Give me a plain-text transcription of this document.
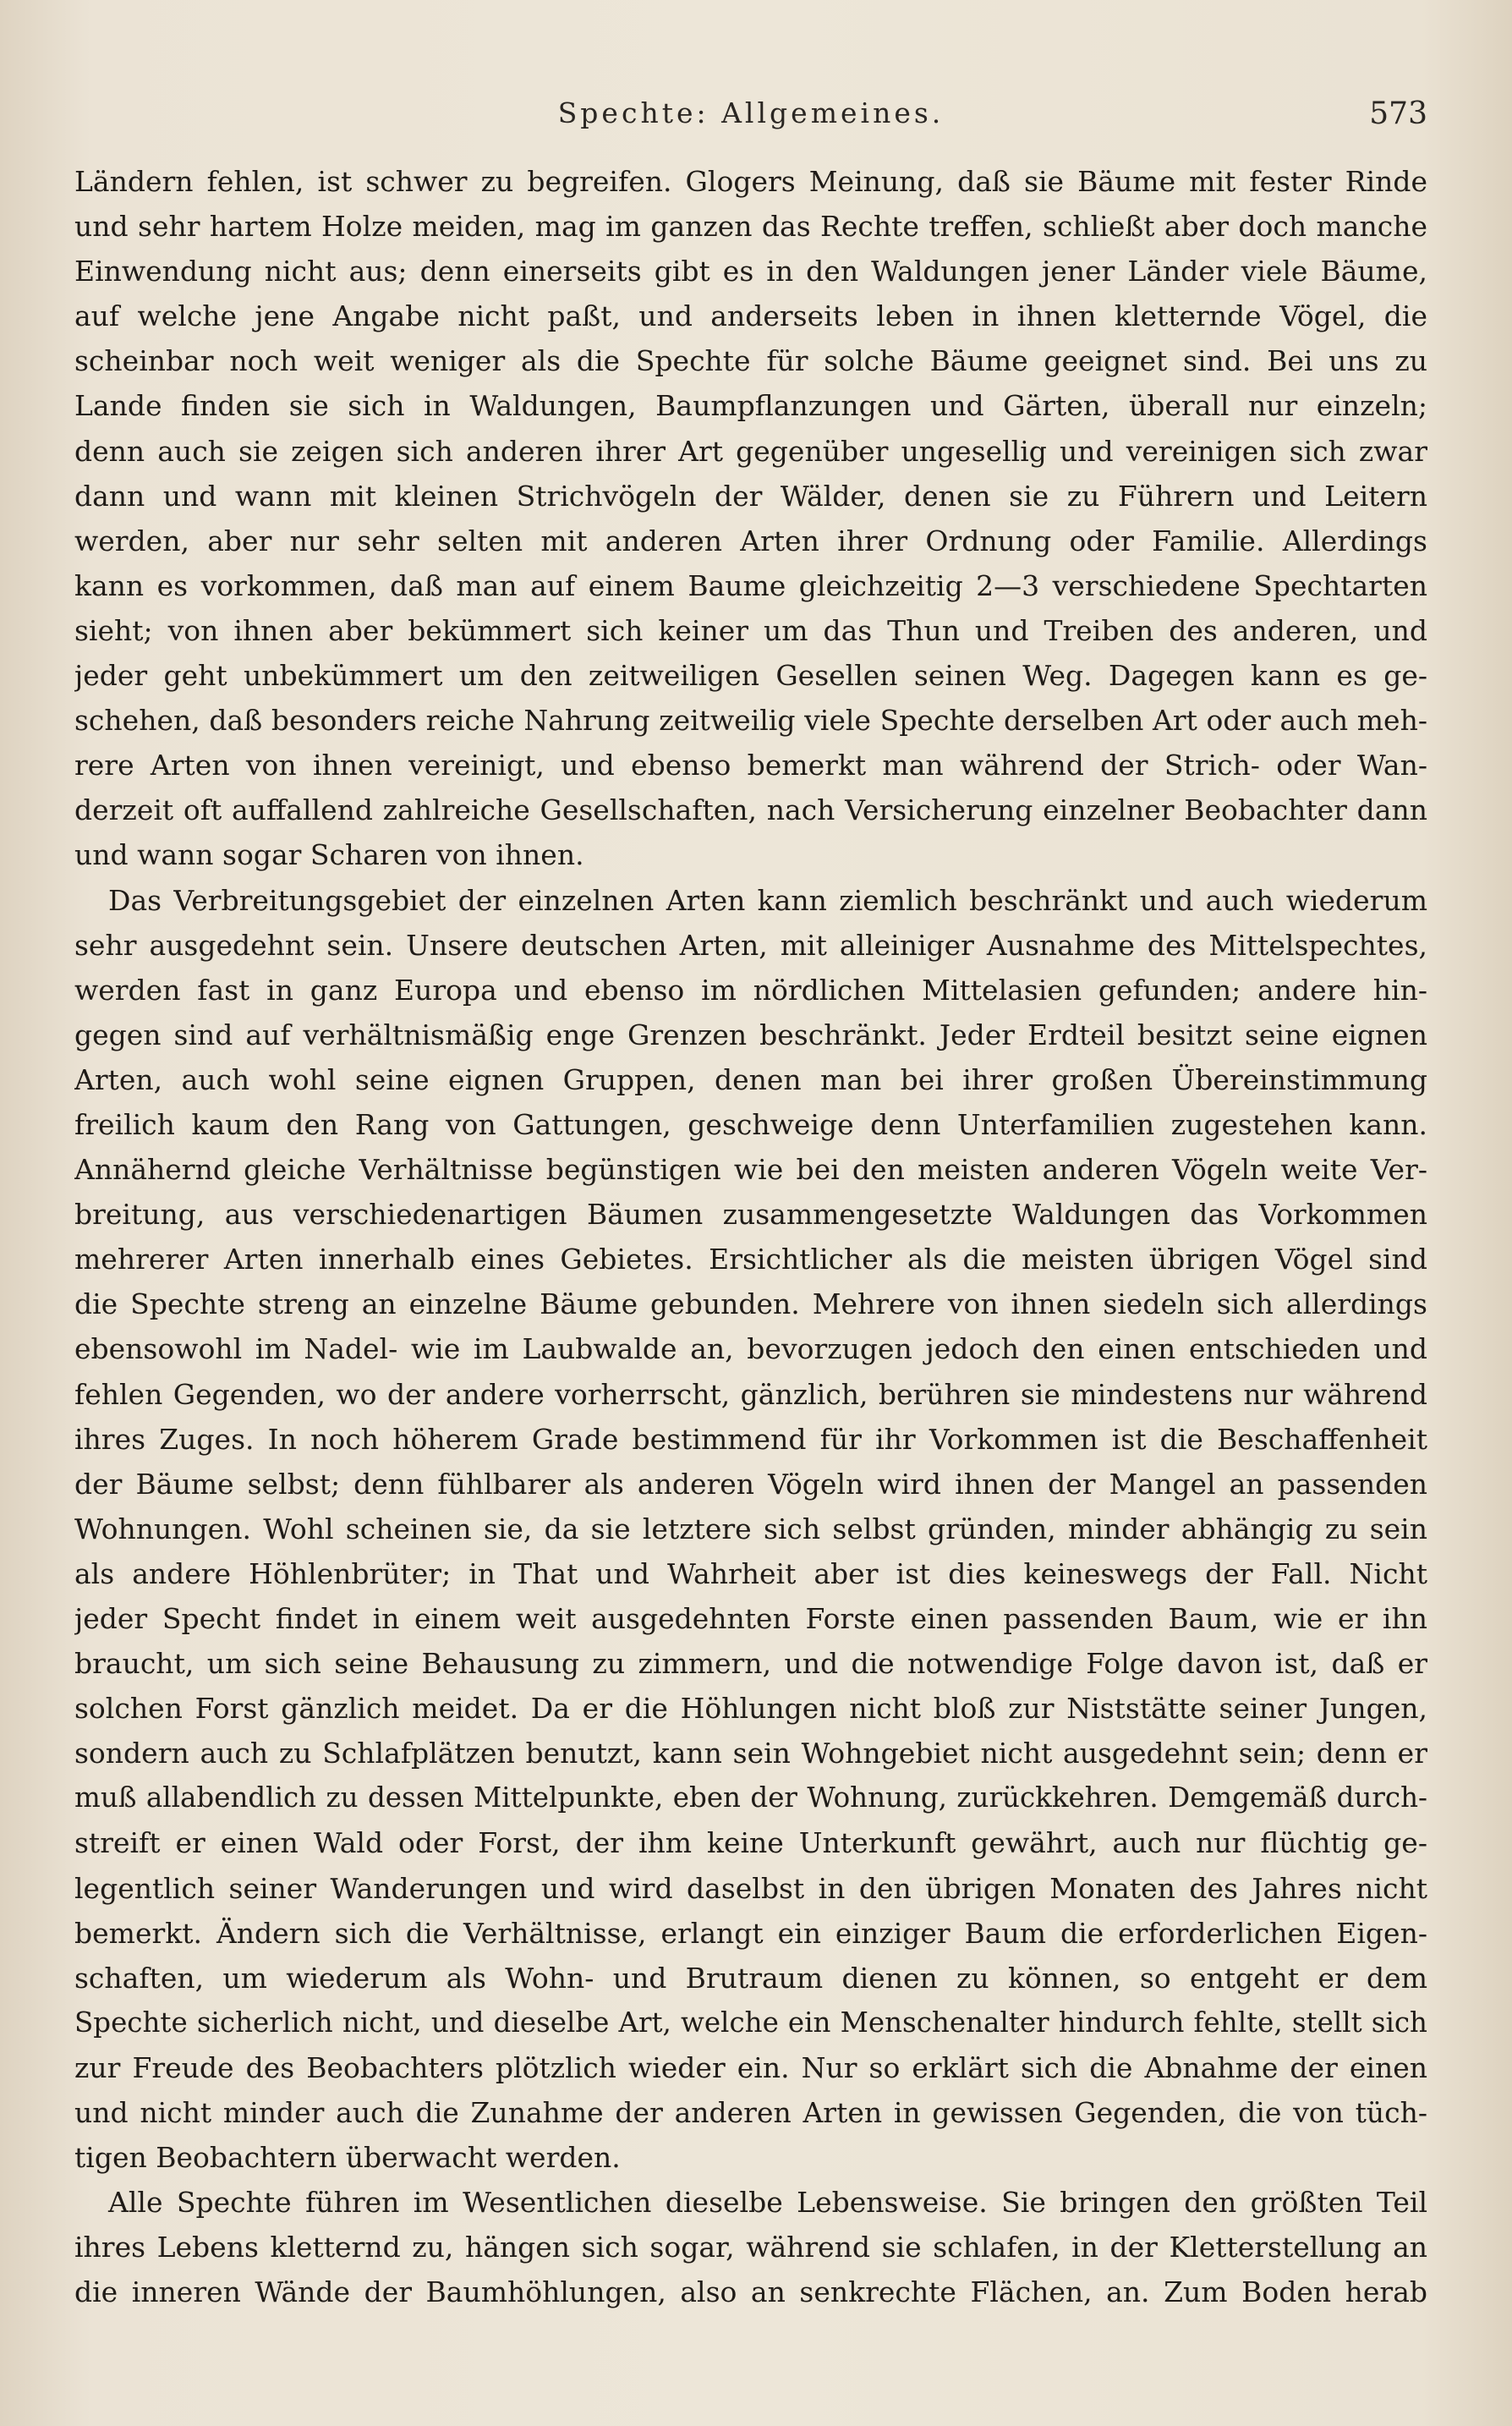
Spechte: Allgemeines.	573
Ländern fehlen, ist schwer zu begreifen. Glogers Meinung, daß sie Bäume mit fester Rinde
und sehr hartem Holze meiden, mag im ganzen das Rechte treffen, schließt aber doch manche
Einwendung nicht aus; denn einerseits gibt es in den Waldungen jener Länder viele Bäume,
auf welche jene Angabe nicht paßt, und anderseits leben in ihnen kletternde Vögel, die
scheinbar noch weit weniger als die Spechte für solche Bäume geeignet sind. Bei uns zu
Lande finden sie sich in Waldungen, Baumpflanzungen und Gärten, überall nur einzeln;
denn auch sie zeigen sich anderen ihrer Art gegenüber ungesellig und vereinigen sich zwar
dann und wann mit kleinen Strichvögeln der Wälder, denen sie zu Führern und Leitern
werden, aber nur sehr selten mit anderen Arten ihrer Ordnung oder Familie. Allerdings
kann es vorkommen, daß man auf einem Baume gleichzeitig 2—3 verschiedene Spechtarten
sieht; von ihnen aber bekümmert sich keiner um das Thun und Treiben des anderen, und
jeder geht unbekümmert um den zeitweiligen Gesellen seinen Weg. Dagegen kann es ge-
schehen, daß besonders reiche Nahrung zeitweilig viele Spechte derselben Art oder auch meh-
rere Arten von ihnen vereinigt, und ebenso bemerkt man während der Strich- oder Wan-
derzeit oft auffallend zahlreiche Gesellschaften, nach Versicherung einzelner Beobachter dann
und wann sogar Scharen von ihnen.
Das Verbreitungsgebiet der einzelnen Arten kann ziemlich beschränkt und auch wiederum
sehr ausgedehnt sein. Unsere deutschen Arten, mit alleiniger Ausnahme des Mittelspechtes,
werden fast in ganz Europa und ebenso im nördlichen Mittelasien gefunden; andere hin-
gegen sind auf verhältnismäßig enge Grenzen beschränkt. Jeder Erdteil besitzt seine eignen
Arten, auch wohl seine eignen Gruppen, denen man bei ihrer großen Übereinstimmung
freilich kaum den Rang von Gattungen, geschweige denn Unterfamilien zugestehen kann.
Annähernd gleiche Verhältnisse begünstigen wie bei den meisten anderen Vögeln weite Ver-
breitung, aus verschiedenartigen Bäumen zusammengesetzte Waldungen das Vorkommen
mehrerer Arten innerhalb eines Gebietes. Ersichtlicher als die meisten übrigen Vögel sind
die Spechte streng an einzelne Bäume gebunden. Mehrere von ihnen siedeln sich allerdings
ebensowohl im Nadel- wie im Laubwalde an, bevorzugen jedoch den einen entschieden und
fehlen Gegenden, wo der andere vorherrscht, gänzlich, berühren sie mindestens nur während
ihres Zuges. In noch höherem Grade bestimmend für ihr Vorkommen ist die Beschaffenheit
der Bäume selbst; denn fühlbarer als anderen Vögeln wird ihnen der Mangel an passenden
Wohnungen. Wohl scheinen sie, da sie letztere sich selbst gründen, minder abhängig zu sein
als andere Höhlenbrüter; in That und Wahrheit aber ist dies keineswegs der Fall. Nicht
jeder Specht findet in einem weit ausgedehnten Forste einen passenden Baum, wie er ihn
braucht, um sich seine Behausung zu zimmern, und die notwendige Folge davon ist, daß er
solchen Forst gänzlich meidet. Da er die Höhlungen nicht bloß zur Niststätte seiner Jungen,
sondern auch zu Schlafplätzen benutzt, kann sein Wohngebiet nicht ausgedehnt sein; denn er
muß allabendlich zu dessen Mittelpunkte, eben der Wohnung, zurückkehren. Demgemäß durch-
streift er einen Wald oder Forst, der ihm keine Unterkunft gewährt, auch nur flüchtig ge-
legentlich seiner Wanderungen und wird daselbst in den übrigen Monaten des Jahres nicht
bemerkt. Ändern sich die Verhältnisse, erlangt ein einziger Baum die erforderlichen Eigen-
schaften, um wiederum als Wohn- und Brutraum dienen zu können, so entgeht er dem
Spechte sicherlich nicht, und dieselbe Art, welche ein Menschenalter hindurch fehlte, stellt sich
zur Freude des Beobachters plötzlich wieder ein. Nur so erklärt sich die Abnahme der einen
und nicht minder auch die Zunahme der anderen Arten in gewissen Gegenden, die von tüch-
tigen Beobachtern überwacht werden.
Alle Spechte führen im Wesentlichen dieselbe Lebensweise. Sie bringen den größten Teil
ihres Lebens kletternd zu, hängen sich sogar, während sie schlafen, in der Kletterstellung an
die inneren Wände der Baumhöhlungen, also an senkrechte Flächen, an. Zum Boden herab
